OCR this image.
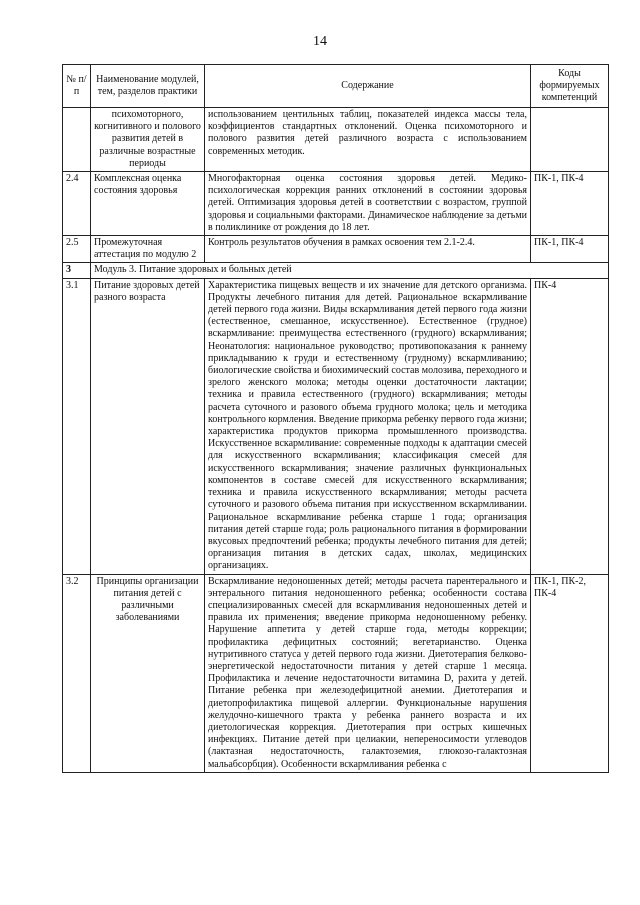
14
№ п/п	Наименование модулей, тем, разделов практики	Содержание	Коды формируемых компетенций
	психомоторного, когнитивного и полового развития детей в различные возрастные периоды	использованием центильных таблиц, показателей индекса массы тела, коэффициентов стандартных отклонений. Оценка психомоторного и полового развития детей различного возраста с использованием современных методик.	
2.4	Комплексная оценка состояния здоровья	Многофакторная оценка состояния здоровья детей. Медико-психологическая коррекция ранних отклонений в состоянии здоровья детей. Оптимизация здоровья детей в соответствии с возрастом, группой здоровья и социальными факторами. Динамическое наблюдение за детьми в поликлинике от рождения до 18 лет.	ПК-1, ПК-4
2.5	Промежуточная аттестация по модулю 2	Контроль результатов обучения в рамках освоения тем 2.1-2.4.	ПК-1, ПК-4
3	Модуль 3. Питание здоровых и больных детей		
3.1	Питание здоровых детей разного возраста	Характеристика пищевых веществ и их значение для детского организма. Продукты лечебного питания для детей. Рациональное вскармливание детей первого года жизни. Виды вскармливания детей первого года жизни (естественное, смешанное, искусственное). Естественное (грудное) вскармливание: преимущества естественного (грудного) вскармливания; Неонатология: национальное руководство; противопоказания к раннему прикладыванию к груди и естественному (грудному) вскармливанию; биологические свойства и биохимический состав молозива, переходного и зрелого женского молока; методы оценки достаточности лактации; техника и правила естественного (грудного) вскармливания; методы расчета суточного и разового объема грудного молока; цель и методика контрольного кормления. Введение прикорма ребенку первого года жизни; характеристика продуктов прикорма промышленного производства. Искусственное вскармливание: современные подходы к адаптации смесей для искусственного вскармливания; классификация смесей для искусственного вскармливания; значение различных функциональных компонентов в составе смесей для искусственного вскармливания; техника и правила искусственного вскармливания; методы расчета суточного и разового объема питания при искусственном вскармливании. Рациональное вскармливание ребенка старше 1 года; организация питания детей старше года; роль рационального питания в формировании вкусовых предпочтений ребенка; продукты лечебного питания для детей; организация питания в детских садах, школах, медицинских организациях.	ПК-4
3.2	Принципы организации питания детей с различными заболеваниями	Вскармливание недоношенных детей; методы расчета парентерального и энтерального питания недоношенного ребенка; особенности состава специализированных смесей для вскармливания недоношенных детей и правила их применения; введение прикорма недоношенному ребенку. Нарушение аппетита у детей старше года, методы коррекции; профилактика дефицитных состояний; вегетарианство. Оценка нутритивного статуса у детей первого года жизни. Диетотерапия белково-энергетической недостаточности питания у детей старше 1 месяца. Профилактика и лечение недостаточности витамина D, рахита у детей. Питание ребенка при железодефицитной анемии. Диетотерапия и диетопрофилактика пищевой аллергии. Функциональные нарушения желудочно-кишечного тракта у ребенка раннего возраста и их диетологическая коррекция. Диетотерапия при острых кишечных инфекциях. Питание детей при целиакии, непереносимости углеводов (лактазная недостаточность, галактоземия, глюкозо-галактозная мальабсорбция). Особенности вскармливания ребенка с	ПК-1, ПК-2, ПК-4
